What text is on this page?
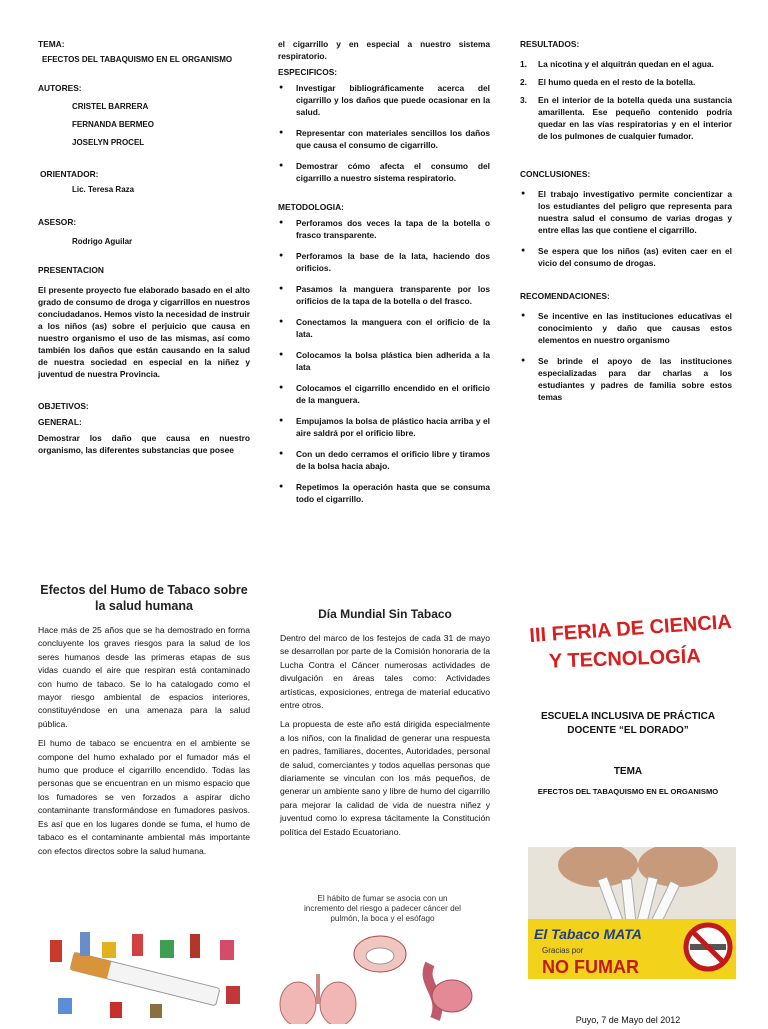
TEMA:

EFECTOS DEL TABAQUISMO EN EL ORGANISMO

AUTORES:

CRISTEL BARRERA

FERNANDA BERMEO

JOSELYN PROCEL

ORIENTADOR:

Lic. Teresa Raza

ASESOR:

Rodrigo Aguilar

PRESENTACION

El presente proyecto fue elaborado basado en el alto grado de consumo de droga y cigarrillos en nuestros conciudadanos. Hemos visto la necesidad de instruir a los niños (as) sobre el perjuicio que causa en nuestro organismo el uso de las mismas, así como también los daños que están causando en la salud de nuestra sociedad en especial en la niñez y juventud de nuestra Provincia.

OBJETIVOS:

GENERAL:

Demostrar los daño que causa en nuestro organismo, las diferentes substancias que posee

el cigarrillo y en especial a nuestro sistema respiratorio.

ESPECIFICOS:

● Investigar bibliográficamente acerca del cigarrillo y los daños que puede ocasionar en la salud.
● Representar con materiales sencillos los daños que causa el consumo de cigarrillo.
● Demostrar cómo afecta el consumo del cigarrillo a nuestro sistema respiratorio.

METODOLOGIA:

● Perforamos dos veces la tapa de la botella o frasco transparente.
● Perforamos la base de la lata, haciendo dos orificios.
● Pasamos la manguera transparente por los orificios de la tapa de la botella o del frasco.
● Conectamos la manguera con el orificio de la lata.
● Colocamos la bolsa plástica bien adherida a la lata
● Colocamos el cigarrillo encendido en el orificio de la manguera.
● Empujamos la bolsa de plástico hacia arriba y el aire saldrá por el orificio libre.
● Con un dedo cerramos el orificio libre y tiramos de la bolsa hacia abajo.
● Repetimos la operación hasta que se consuma todo el cigarrillo.

RESULTADOS:

1. La nicotina y el alquitrán quedan en el agua.
2. El humo queda en el resto de la botella.
3. En el interior de la botella queda una sustancia amarillenta. Ese pequeño contenido podría quedar en las vías respiratorias y en el interior de los pulmones de cualquier fumador.

CONCLUSIONES:

● El trabajo investigativo permite concientizar a los estudiantes del peligro que representa para nuestra salud el consumo de varias drogas y entre ellas las que contiene el cigarrillo.
● Se espera que los niños (as) eviten caer en el vicio del consumo de drogas.

RECOMENDACIONES:

● Se incentive en las instituciones educativas el conocimiento y daño que causas estos elementos en nuestro organismo
● Se brinde el apoyo de las instituciones especializadas para dar charlas a los estudiantes y padres de familia sobre estos temas

Efectos del Humo de Tabaco sobre la salud humana

Hace más de 25 años que se ha demostrado en forma concluyente los graves riesgos para la salud de los seres humanos desde las primeras etapas de sus vidas cuando el aire que respiran está contaminado con humo de tabaco. Se lo ha catalogado como el mayor riesgo ambiental de espacios interiores, constituyéndose en una amenaza para la salud pública.

El humo de tabaco se encuentra en el ambiente se compone del humo exhalado por el fumador más el humo que produce el cigarrillo encendido. Todas las personas que se encuentran en un mismo espacio que los fumadores se ven forzados a aspirar dicho contaminante transformándose en fumadores pasivos. Es así que en los lugares donde se fuma, el humo de tabaco es el contaminante ambiental más importante con efectos directos sobre la salud humana.

Día Mundial Sin Tabaco

Dentro del marco de los festejos de cada 31 de mayo se desarrollan por parte de la Comisión honoraria de la Lucha Contra el Cáncer numerosas actividades de divulgación en áreas tales como: Actividades artísticas, exposiciones, entrega de material educativo entre otros.

La propuesta de este año está dirigida especialmente a los niños, con la finalidad de generar una respuesta en padres, familiares, docentes, Autoridades, personal de salud, comerciantes y todos aquellas personas que diariamente se vinculan con los más pequeños, de generar un ambiente sano y libre de humo del cigarrillo para mejorar la calidad de vida de nuestra niñez y juventud como lo expresa tácitamente la Constitución política del Estado Ecuatoriano.

El hábito de fumar se asocia con un incremento del riesgo a padecer cáncer del pulmón, la boca y el esófago
III FERIA DE CIENCIA
Y TECNOLOGÍA
ESCUELA INCLUSIVA DE PRÁCTICA DOCENTE “EL DORADO”
TEMA
EFECTOS DEL TABAQUISMO EN EL ORGANISMO
El Tabaco MATA
Gracias por
NO FUMAR
Puyo, 7 de Mayo del 2012
